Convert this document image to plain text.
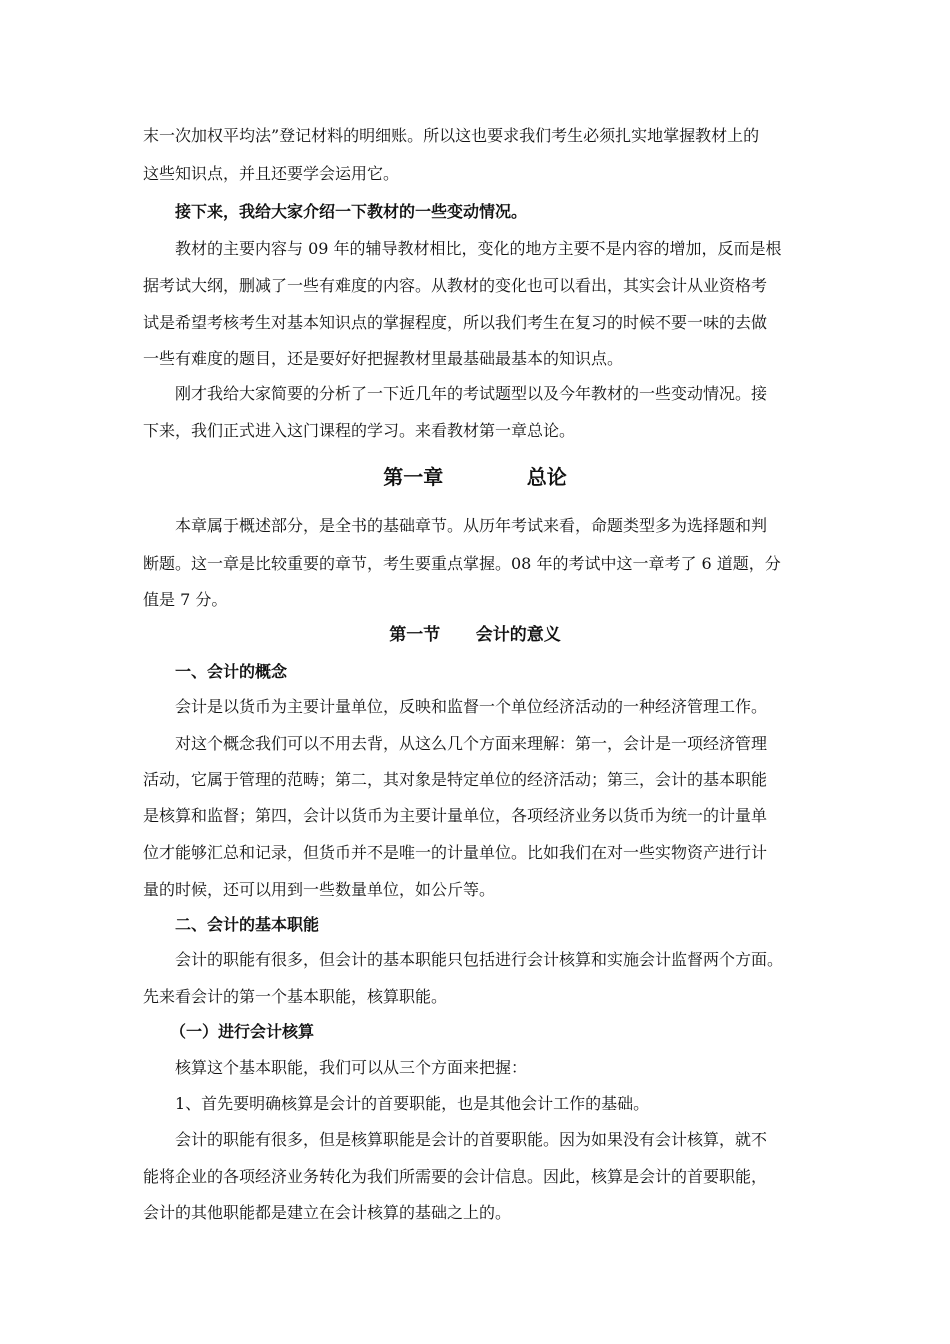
末一次加权平均法”登记材料的明细账。所以这也要求我们考生必须扎实地掌握教材上的
这些知识点，并且还要学会运用它。
接下来，我给大家介绍一下教材的一些变动情况。
教材的主要内容与 09 年的辅导教材相比，变化的地方主要不是内容的增加，反而是根
据考试大纲，删减了一些有难度的内容。从教材的变化也可以看出，其实会计从业资格考
试是希望考核考生对基本知识点的掌握程度，所以我们考生在复习的时候不要一味的去做
一些有难度的题目，还是要好好把握教材里最基础最基本的知识点。
刚才我给大家简要的分析了一下近几年的考试题型以及今年教材的一些变动情况。接
下来，我们正式进入这门课程的学习。来看教材第一章总论。
第一章            总论
本章属于概述部分，是全书的基础章节。从历年考试来看，命题类型多为选择题和判
断题。这一章是比较重要的章节，考生要重点掌握。08 年的考试中这一章考了 6 道题，分
值是 7 分。
第一节      会计的意义
一、会计的概念
会计是以货币为主要计量单位，反映和监督一个单位经济活动的一种经济管理工作。
对这个概念我们可以不用去背，从这么几个方面来理解：第一，会计是一项经济管理
活动，它属于管理的范畴；第二，其对象是特定单位的经济活动；第三，会计的基本职能
是核算和监督；第四，会计以货币为主要计量单位，各项经济业务以货币为统一的计量单
位才能够汇总和记录，但货币并不是唯一的计量单位。比如我们在对一些实物资产进行计
量的时候，还可以用到一些数量单位，如公斤等。
二、会计的基本职能
会计的职能有很多，但会计的基本职能只包括进行会计核算和实施会计监督两个方面。
先来看会计的第一个基本职能，核算职能。
（一）进行会计核算
核算这个基本职能，我们可以从三个方面来把握：
1、首先要明确核算是会计的首要职能，也是其他会计工作的基础。
会计的职能有很多，但是核算职能是会计的首要职能。因为如果没有会计核算，就不
能将企业的各项经济业务转化为我们所需要的会计信息。因此，核算是会计的首要职能，
会计的其他职能都是建立在会计核算的基础之上的。
